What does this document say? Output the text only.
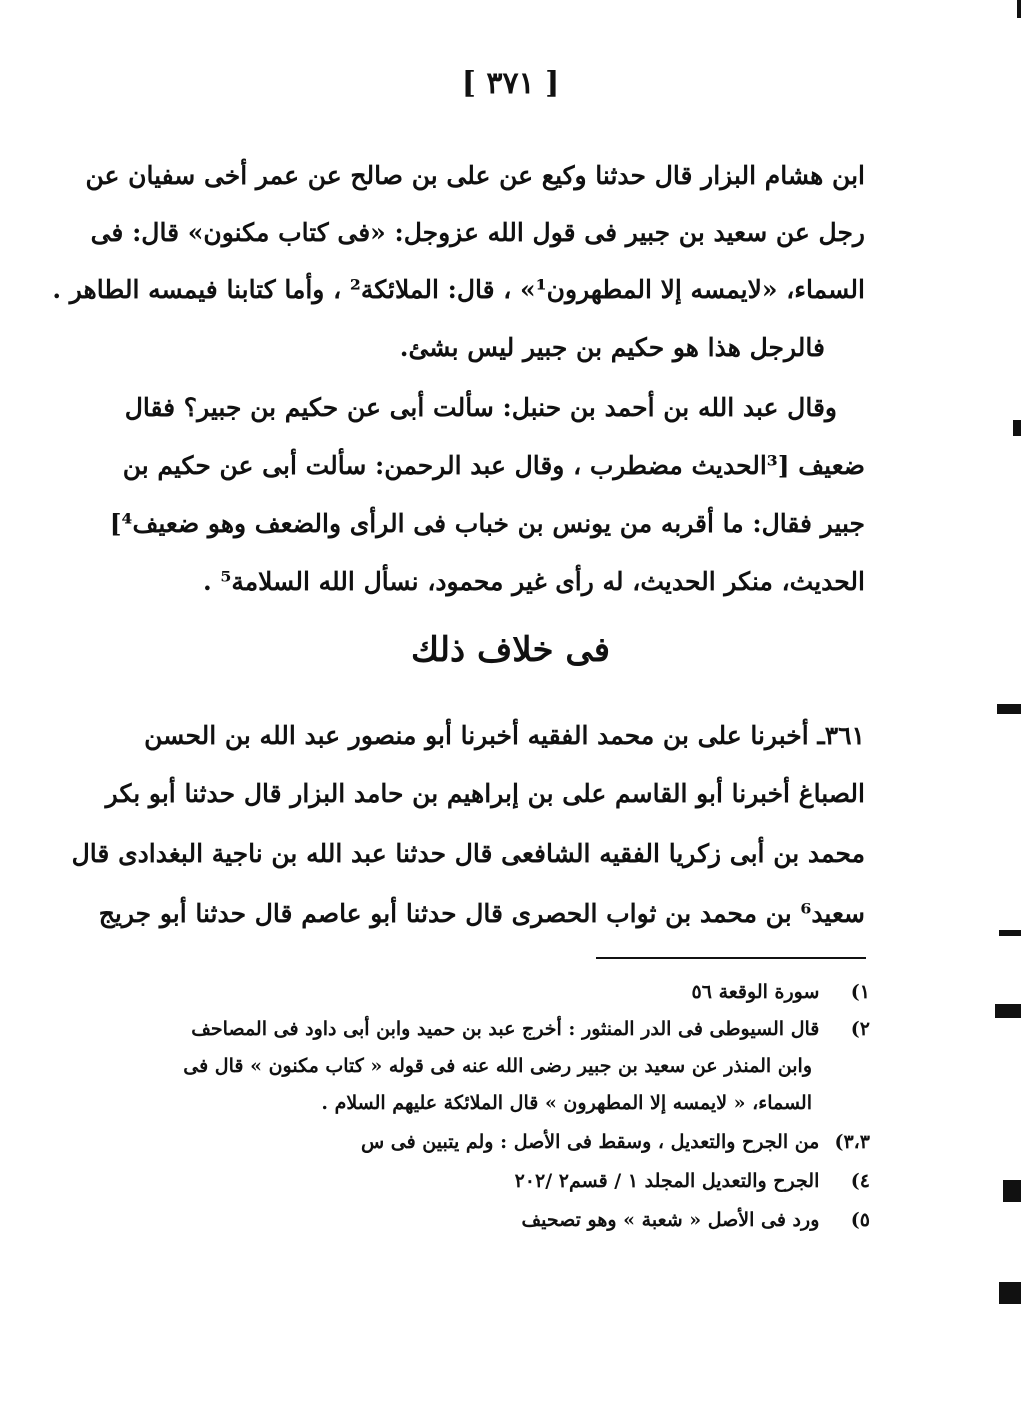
[ ٣٧١ ]
ابن هشام البزار قال حدثنا وكيع عن على بن صالح عن عمر أخى سفيان عن
رجل عن سعيد بن جبير فى قول الله عزوجل: «فى كتاب مكنون» قال: فى
السماء، «لايمسه إلا المطهرون¹» ، قال: الملائكة² ، وأما كتابنا فيمسه الطاهر .
فالرجل هذا هو حكيم بن جبير ليس بشئ.
وقال عبد الله بن أحمد بن حنبل: سألت أبى عن حكيم بن جبير؟ فقال
ضعيف [³الحديث مضطرب ، وقال عبد الرحمن: سألت أبى عن حكيم بن
جبير فقال: ما أقربه من يونس بن خباب فى الرأى والضعف وهو ضعيف⁴]
الحديث، منكر الحديث، له رأى غير محمود، نسأل الله السلامة⁵ .
فى خلاف ذلك
٣٦١ـ أخبرنا على بن محمد الفقيه أخبرنا أبو منصور عبد الله بن الحسن
الصباغ أخبرنا أبو القاسم على بن إبراهيم بن حامد البزار قال حدثنا أبو بكر
محمد بن أبى زكريا الفقيه الشافعى قال حدثنا عبد الله بن ناجية البغدادى قال
سعيد⁶ بن محمد بن ثواب الحصرى قال حدثنا أبو عاصم قال حدثنا أبو جريج
١) سورة الوقعة ٥٦
٢) قال السيوطى فى الدر المنثور : أخرج عبد بن حميد وابن أبى داود فى المصاحف
وابن المنذر عن سعيد بن جبير رضى الله عنه فى قوله « كتاب مكنون » قال فى
السماء، « لايمسه إلا المطهرون » قال الملائكة عليهم السلام .
٣،٣) من الجرح والتعديل ، وسقط فى الأصل : ولم يتبين فى س
٤) الجرح والتعديل المجلد ١ / قسم٢ /٢٠٢
٥) ورد فى الأصل « شعبة » وهو تصحيف
